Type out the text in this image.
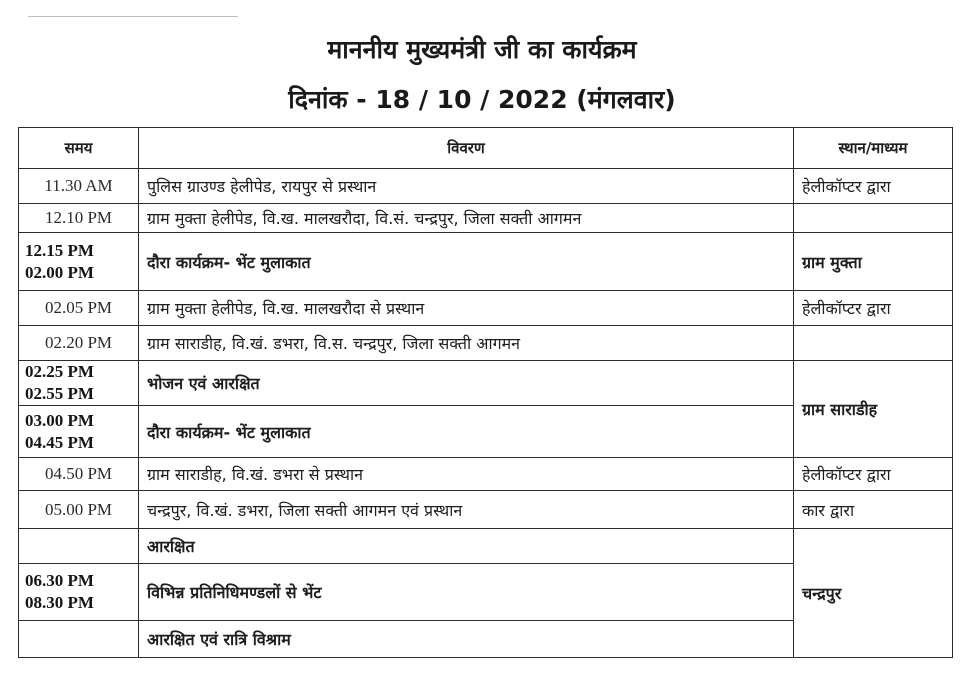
माननीय मुख्यमंत्री जी का कार्यक्रम
दिनांक - 18 / 10 / 2022 (मंगलवार)
समय	विवरण	स्थान/माध्यम
11.30 AM	पुलिस ग्राउण्ड हेलीपेड, रायपुर से प्रस्थान	हेलीकॉप्टर द्वारा
12.10 PM	ग्राम मुक्ता हेलीपेड, वि.ख. मालखरौदा, वि.सं. चन्द्रपुर, जिला सक्ती आगमन	

12.15 PM
02.00 PM	दौरा कार्यक्रम- भेंट मुलाकात	ग्राम मुक्ता
02.05 PM	ग्राम मुक्ता हेलीपेड, वि.ख. मालखरौदा से प्रस्थान	हेलीकॉप्टर द्वारा
02.20 PM	ग्राम साराडीह, वि.खं. डभरा, वि.स. चन्द्रपुर, जिला सक्ती आगमन	

02.25 PM
02.55 PM	भोजन एवं आरक्षित	ग्राम साराडीह

03.00 PM
04.45 PM	दौरा कार्यक्रम- भेंट मुलाकात	
04.50 PM	ग्राम साराडीह, वि.खं. डभरा से प्रस्थान	हेलीकॉप्टर द्वारा
05.00 PM	चन्द्रपुर, वि.खं. डभरा, जिला सक्ती आगमन एवं प्रस्थान	कार द्वारा
	आरक्षित	चन्द्रपुर

06.30 PM
08.30 PM	विभिन्न प्रतिनिधिमण्डलों से भेंट	
	आरक्षित एवं रात्रि विश्राम	
